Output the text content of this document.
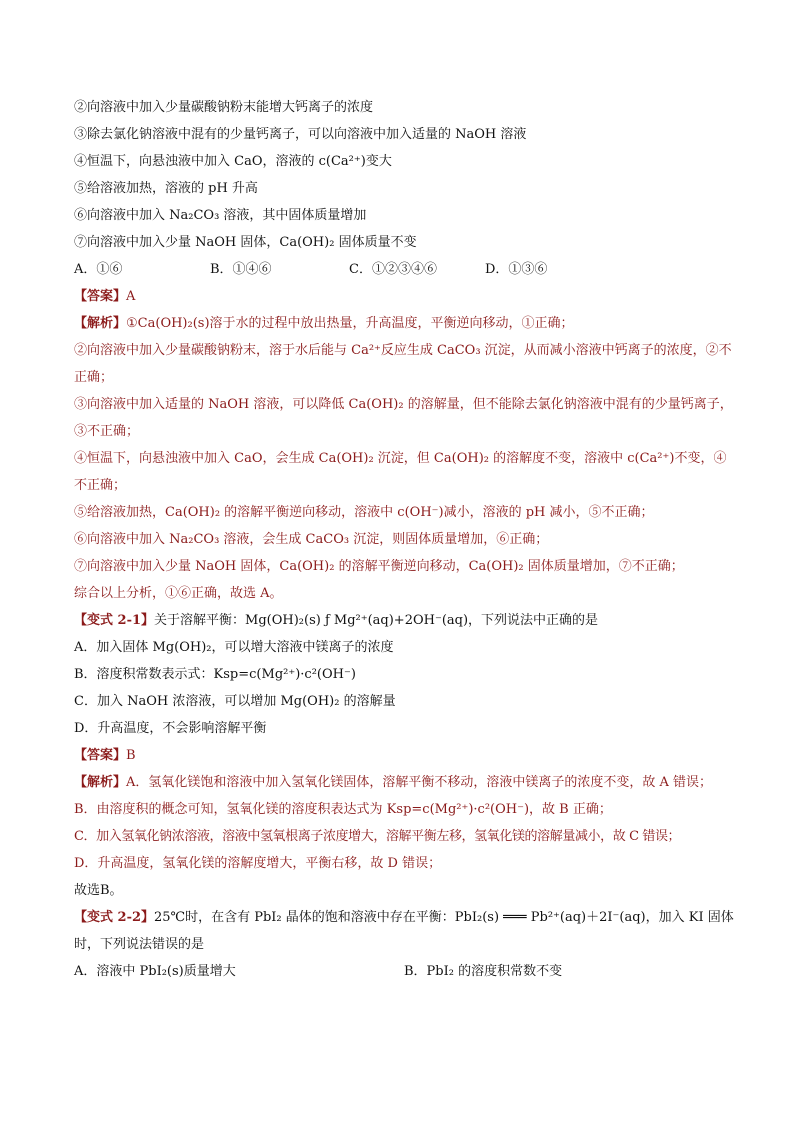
②向溶液中加入少量碳酸钠粉末能增大钙离子的浓度
③除去氯化钠溶液中混有的少量钙离子，可以向溶液中加入适量的 NaOH 溶液
④恒温下，向悬浊液中加入 CaO，溶液的 c(Ca²⁺)变大
⑤给溶液加热，溶液的 pH 升高
⑥向溶液中加入 Na₂CO₃ 溶液，其中固体质量增加
⑦向溶液中加入少量 NaOH 固体，Ca(OH)₂ 固体质量不变
A．①⑥	B．①④⑥	C．①②③④⑥	D．①③⑥
【答案】A
【解析】①Ca(OH)₂(s)溶于水的过程中放出热量，升高温度，平衡逆向移动，①正确；
②向溶液中加入少量碳酸钠粉末，溶于水后能与 Ca²⁺反应生成 CaCO₃ 沉淀，从而减小溶液中钙离子的浓度，②不正确；
③向溶液中加入适量的 NaOH 溶液，可以降低 Ca(OH)₂ 的溶解量，但不能除去氯化钠溶液中混有的少量钙离子，③不正确；
④恒温下，向悬浊液中加入 CaO，会生成 Ca(OH)₂ 沉淀，但 Ca(OH)₂ 的溶解度不变，溶液中 c(Ca²⁺)不变，④不正确；
⑤给溶液加热，Ca(OH)₂ 的溶解平衡逆向移动，溶液中 c(OH⁻)减小，溶液的 pH 减小，⑤不正确；
⑥向溶液中加入 Na₂CO₃ 溶液，会生成 CaCO₃ 沉淀，则固体质量增加，⑥正确；
⑦向溶液中加入少量 NaOH 固体，Ca(OH)₂ 的溶解平衡逆向移动，Ca(OH)₂ 固体质量增加，⑦不正确；
综合以上分析，①⑥正确，故选 A。
【变式 2-1】关于溶解平衡：Mg(OH)₂(s) ƒ Mg²⁺(aq)+2OH⁻(aq)，下列说法中正确的是
A．加入固体 Mg(OH)₂，可以增大溶液中镁离子的浓度
B．溶度积常数表示式：Ksp=c(Mg²⁺)·c²(OH⁻)
C．加入 NaOH 浓溶液，可以增加 Mg(OH)₂ 的溶解量
D．升高温度，不会影响溶解平衡
【答案】B
【解析】A．氢氧化镁饱和溶液中加入氢氧化镁固体，溶解平衡不移动，溶液中镁离子的浓度不变，故 A 错误；
B．由溶度积的概念可知，氢氧化镁的溶度积表达式为 Ksp=c(Mg²⁺)·c²(OH⁻)，故 B 正确；
C．加入氢氧化钠浓溶液，溶液中氢氧根离子浓度增大，溶解平衡左移，氢氧化镁的溶解量减小，故 C 错误；
D．升高温度，氢氧化镁的溶解度增大，平衡右移，故 D 错误；
故选B。
【变式 2-2】25℃时，在含有 PbI₂ 晶体的饱和溶液中存在平衡：PbI₂(s) ═══ Pb²⁺(aq)＋2I⁻(aq)，加入 KI 固体时，下列说法错误的是
A．溶液中 PbI₂(s)质量增大	B．PbI₂ 的溶度积常数不变
